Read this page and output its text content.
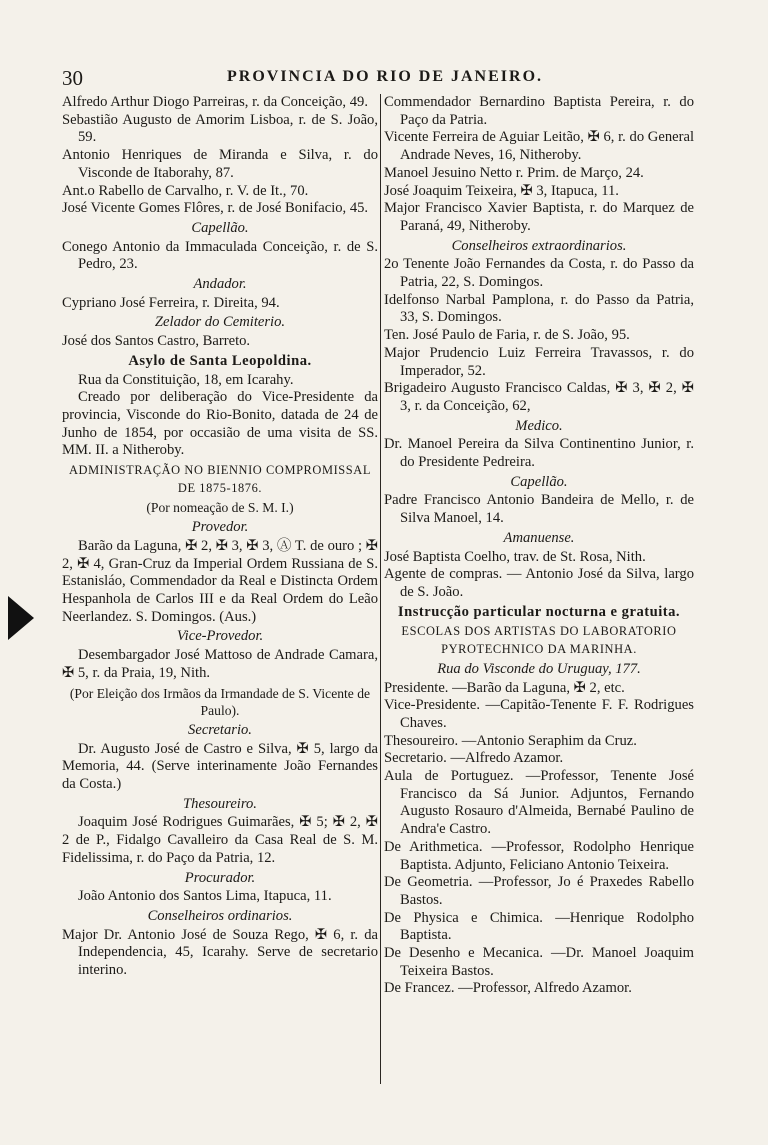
30	PROVINCIA DO RIO DE JANEIRO.

Alfredo Arthur Diogo Parreiras, r. da Conceição, 49.

Sebastião Augusto de Amorim Lisboa, r. de S. João, 59.

Antonio Henriques de Miranda e Silva, r. do Visconde de Itaborahy, 87.

Ant.o Rabello de Carvalho, r. V. de It., 70.

José Vicente Gomes Flôres, r. de José Bonifacio, 45.

Capellão.

Conego Antonio da Immaculada Conceição, r. de S. Pedro, 23.

Andador.

Cypriano José Ferreira, r. Direita, 94.

Zelador do Cemiterio.

José dos Santos Castro, Barreto.

Asylo de Santa Leopoldina.

Rua da Constituição, 18, em Icarahy.

Creado por deliberação do Vice-Presidente da provincia, Visconde do Rio-Bonito, datada de 24 de Junho de 1854, por occasião de uma visita de SS. MM. II. a Nitheroby.

ADMINISTRAÇÃO NO BIENNIO COMPROMISSAL DE 1875-1876.
(Por nomeação de S. M. I.)
Provedor.

Barão da Laguna, ✠ 2, ✠ 3, ✠ 3, Ⓐ T. de ouro ; ✠ 2, ✠ 4, Gran-Cruz da Imperial Ordem Russiana de S. Estanisláo, Commendador da Real e Distincta Ordem Hespanhola de Carlos III e da Real Ordem do Leão Neerlandez. S. Domingos. (Aus.)

Vice-Provedor.

Desembargador José Mattoso de Andrade Camara, ✠ 5, r. da Praia, 19, Nith.

(Por Eleição dos Irmãos da Irmandade de S. Vicente de Paulo).
Secretario.

Dr. Augusto José de Castro e Silva, ✠ 5, largo da Memoria, 44. (Serve interinamente João Fernandes da Costa.)

Thesoureiro.

Joaquim José Rodrigues Guimarães, ✠ 5; ✠ 2, ✠ 2 de P., Fidalgo Cavalleiro da Casa Real de S. M. Fidelissima, r. do Paço da Patria, 12.

Procurador.

João Antonio dos Santos Lima, Itapuca, 11.

Conselheiros ordinarios.

Major Dr. Antonio José de Souza Rego, ✠ 6, r. da Independencia, 45, Icarahy. Serve de secretario interino.

Commendador Bernardino Baptista Pereira, r. do Paço da Patria.

Vicente Ferreira de Aguiar Leitão, ✠ 6, r. do General Andrade Neves, 16, Nitheroby.

Manoel Jesuino Netto r. Prim. de Março, 24.

José Joaquim Teixeira, ✠ 3, Itapuca, 11.

Major Francisco Xavier Baptista, r. do Marquez de Paraná, 49, Nitheroby.

Conselheiros extraordinarios.

2o Tenente João Fernandes da Costa, r. do Passo da Patria, 22, S. Domingos.

Idelfonso Narbal Pamplona, r. do Passo da Patria, 33, S. Domingos.

Ten. José Paulo de Faria, r. de S. João, 95.

Major Prudencio Luiz Ferreira Travassos, r. do Imperador, 52.

Brigadeiro Augusto Francisco Caldas, ✠ 3, ✠ 2, ✠ 3, r. da Conceição, 62,

Medico.

Dr. Manoel Pereira da Silva Continentino Junior, r. do Presidente Pedreira.

Capellão.

Padre Francisco Antonio Bandeira de Mello, r. de Silva Manoel, 14.

Amanuense.

José Baptista Coelho, trav. de St. Rosa, Nith.

Agente de compras. — Antonio José da Silva, largo de S. João.

Instrucção particular nocturna e gratuita.
ESCOLAS DOS ARTISTAS DO LABORATORIO PYROTECHNICO DA MARINHA.
Rua do Visconde do Uruguay, 177.

Presidente. —Barão da Laguna, ✠ 2, etc.

Vice-Presidente. —Capitão-Tenente F. F. Rodrigues Chaves.

Thesoureiro. —Antonio Seraphim da Cruz.

Secretario. —Alfredo Azamor.

Aula de Portuguez. —Professor, Tenente José Francisco da Sá Junior. Adjuntos, Fernando Augusto Rosauro d'Almeida, Bernabé Paulino de Andra'e Castro.

De Arithmetica. —Professor, Rodolpho Henrique Baptista. Adjunto, Feliciano Antonio Teixeira.

De Geometria. —Professor, Jo é Praxedes Rabello Bastos.

De Physica e Chimica. —Henrique Rodolpho Baptista.

De Desenho e Mecanica. —Dr. Manoel Joaquim Teixeira Bastos.

De Francez. —Professor, Alfredo Azamor.
